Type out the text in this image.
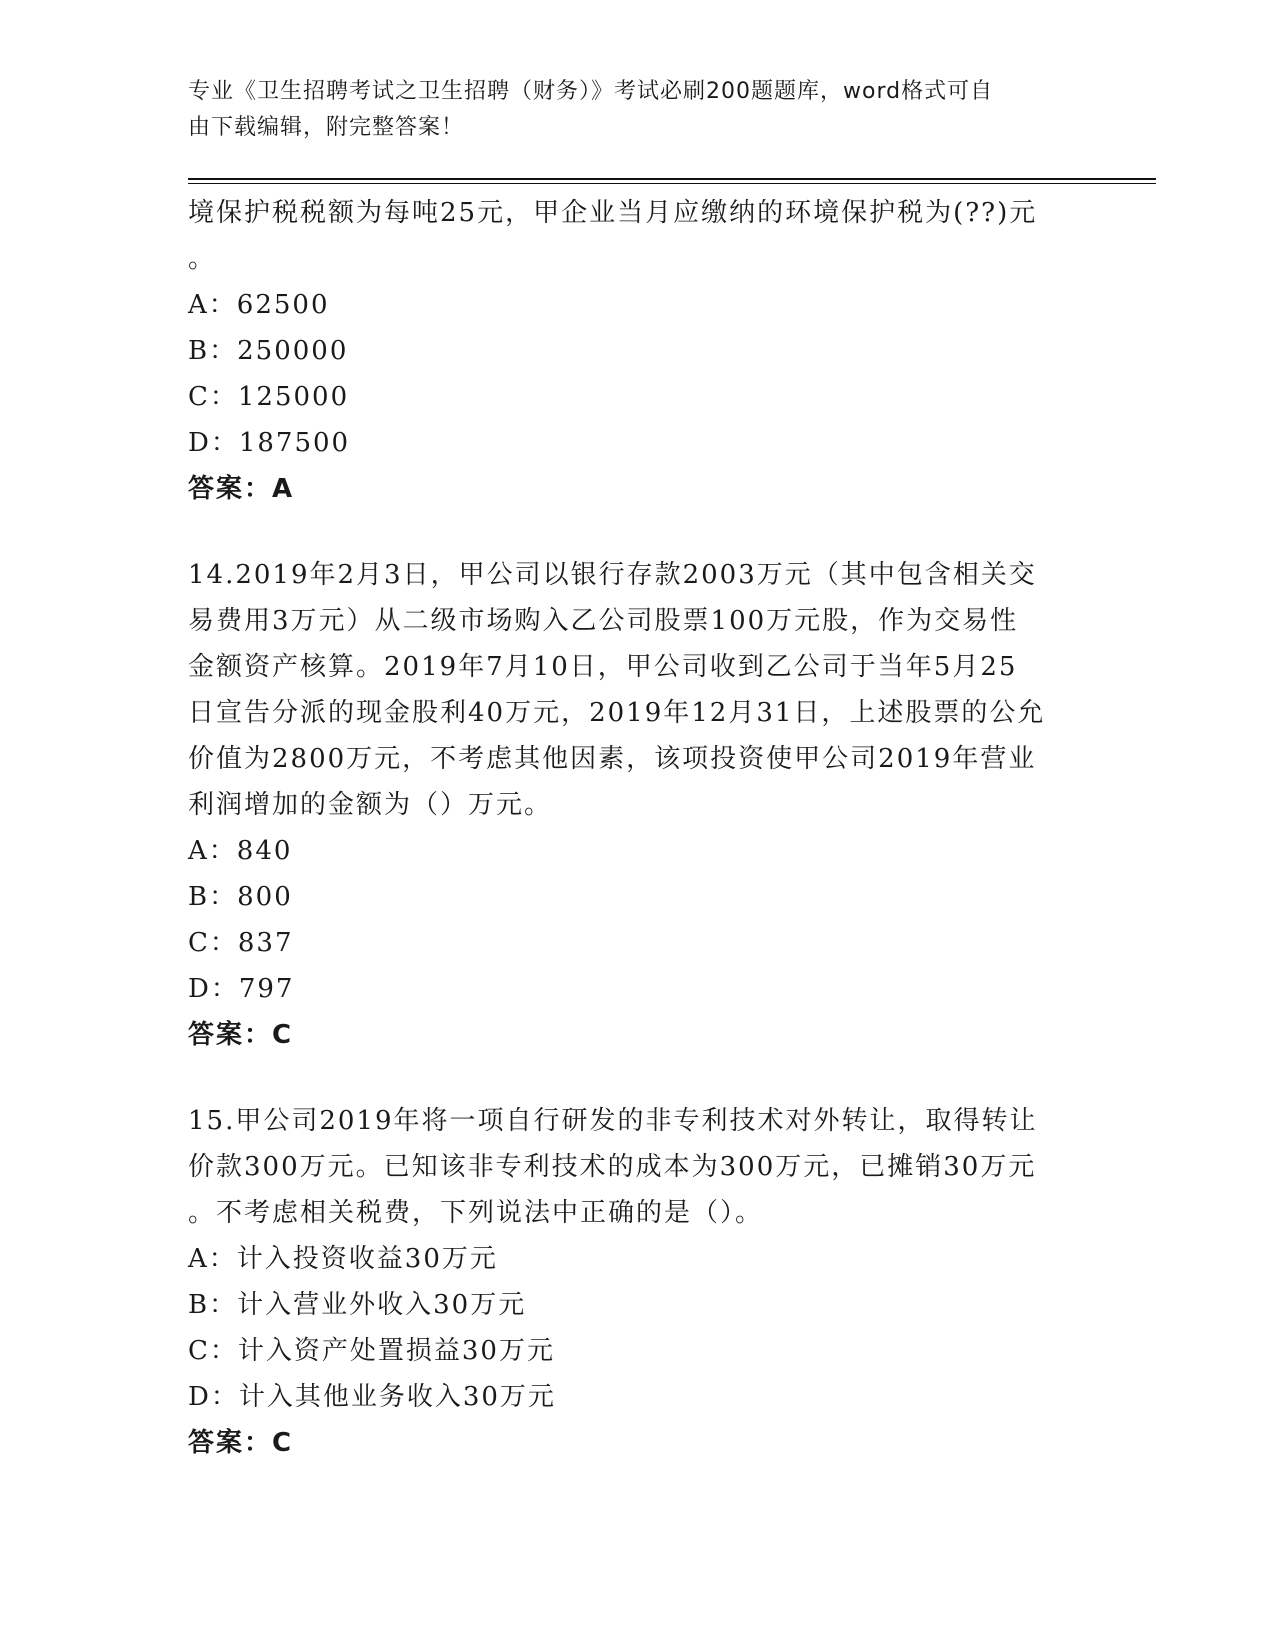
专业《卫生招聘考试之卫生招聘（财务）》考试必刷200题题库，word格式可自
由下载编辑，附完整答案！

境保护税税额为每吨25元，甲企业当月应缴纳的环境保护税为(??)元

。

A：62500

B：250000

C：125000

D：187500

答案：A

14.2019年2月3日，甲公司以银行存款2003万元（其中包含相关交

易费用3万元）从二级市场购入乙公司股票100万元股，作为交易性

金额资产核算。2019年7月10日，甲公司收到乙公司于当年5月25

日宣告分派的现金股利40万元，2019年12月31日，上述股票的公允

价值为2800万元，不考虑其他因素，该项投资使甲公司2019年营业

利润增加的金额为（）万元。

A：840

B：800

C：837

D：797

答案：C

15.甲公司2019年将一项自行研发的非专利技术对外转让，取得转让

价款300万元。已知该非专利技术的成本为300万元，已摊销30万元

。不考虑相关税费，下列说法中正确的是（）。

A：计入投资收益30万元

B：计入营业外收入30万元

C：计入资产处置损益30万元

D：计入其他业务收入30万元

答案：C
